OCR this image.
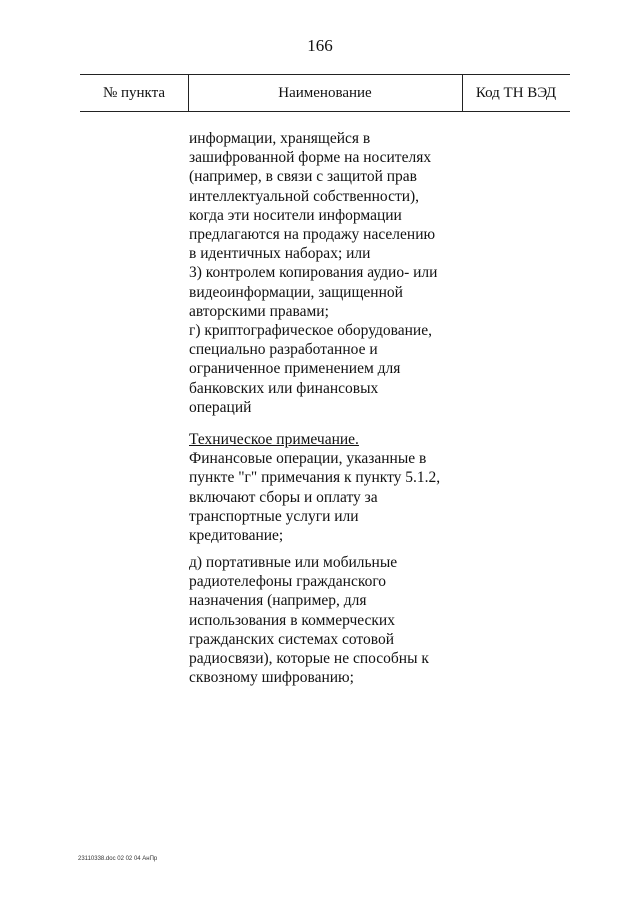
166
№ пункта	Наименование	Код ТН ВЭД
информации, хранящейся в
зашифрованной форме на носителях
(например, в связи с защитой прав
интеллектуальной собственности),
когда эти носители информации
предлагаются на продажу населению
в идентичных наборах; или
3) контролем копирования аудио- или
видеоинформации, защищенной
авторскими правами;
г) криптографическое оборудование,
специально разработанное и
ограниченное применением для
банковских или финансовых
операций
Техническое примечание.
Финансовые операции, указанные в
пункте "г" примечания к пункту 5.1.2,
включают сборы и оплату за
транспортные услуги или
кредитование;
д) портативные или мобильные
радиотелефоны гражданского
назначения (например, для
использования в коммерческих
гражданских системах сотовой
радиосвязи), которые не способны к
сквозному шифрованию;
23110338.doc 02 02 04 АнПр
